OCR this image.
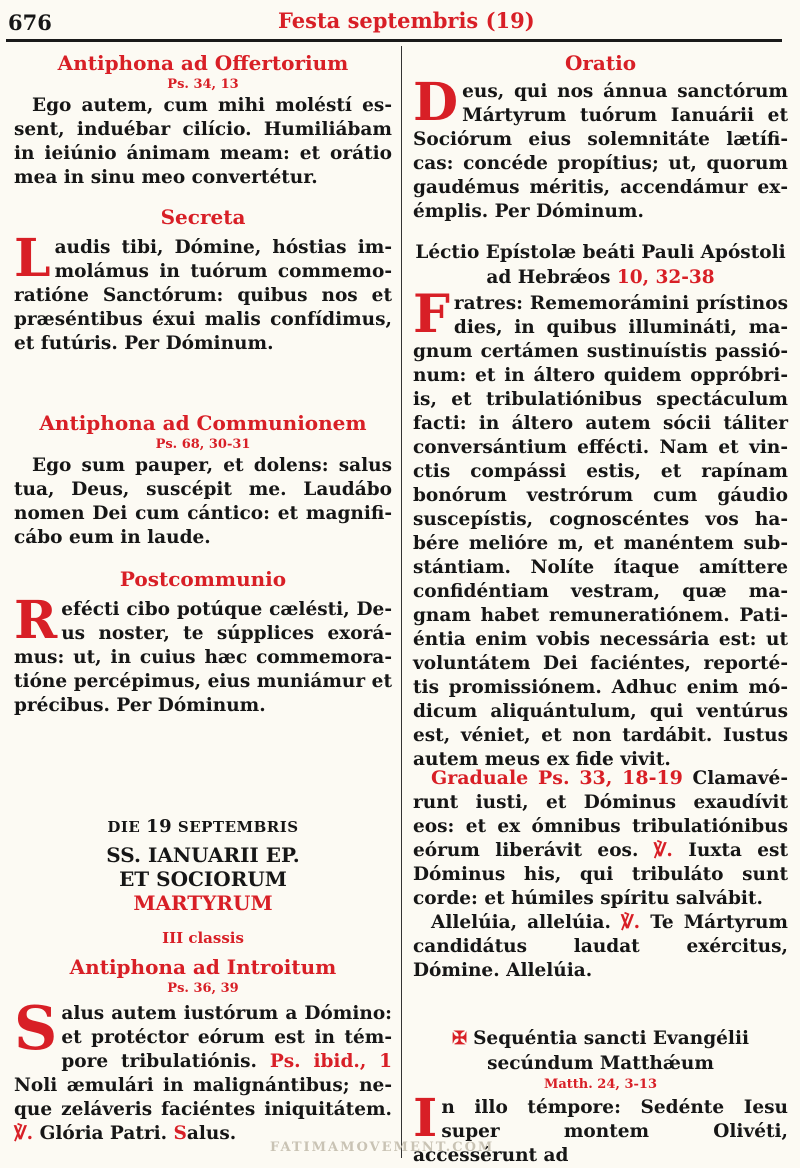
676	Festa septembris (19)
Antiphona ad Offertorium
Ps. 34, 13
Ego autem, cum mihi moléstí essent, induébar cilício. Humiliábam in ieiúnio ánimam meam: et orátio mea in sinu meo convertétur.
Secreta
Laudis tibi, Dómine, hóstias immolámus in tuórum commemoratióne Sanctórum: quibus nos et præséntibus éxui malis confídimus, et futúris. Per Dóminum.
Antiphona ad Communionem
Ps. 68, 30-31
Ego sum pauper, et dolens: salus tua, Deus, suscépit me. Laudábo nomen Dei cum cántico: et magnificábo eum in laude.
Postcommunio
Refécti cibo potúque cælésti, Deus noster, te súpplices exorámus: ut, in cuius hæc commemoratióne percépimus, eius muniámur et précibus. Per Dóminum.
DIE 19 SEPTEMBRIS
SS. IANUARII EP.
ET SOCIORUM
MARTYRUM
III classis
Antiphona ad Introitum
Ps. 36, 39
Salus autem iustórum a Dómino: et protéctor eórum est in témpore tribulatiónis. Ps. ibid., 1 Noli æmulári in malignántibus; neque zeláveris faciéntes iniquitátem. ℣. Glória Patri. Salus.
Oratio
Deus, qui nos ánnua sanctórum Mártyrum tuórum Ianuárii et Sociórum eius solemnitáte lætíficas: concéde propítius; ut, quorum gaudémus méritis, accendámur exémplis. Per Dóminum.
Léctio Epístolæ beáti Pauli Apóstoli ad Hebrǽos 10, 32-38
Fratres: Rememorámini prístinos dies, in quibus illumináti, magnum certámen sustinuístis passiónum: et in áltero quidem oppróbriis, et tribulatiónibus spectáculum facti: in áltero autem sócii táliter conversántium effécti. Nam et vinctis compássi estis, et rapínam bonórum vestrórum cum gáudio suscepístis, cognoscéntes vos habére melióre m, et manéntem substántiam. Nolíte ítaque amíttere confidéntiam vestram, quæ magnam habet remuneratiónem. Patiéntia enim vobis necessária est: ut voluntátem Dei faciéntes, reportétis promissiónem. Adhuc enim módicum aliquántulum, qui ventúrus est, véniet, et non tardábit. Iustus autem meus ex fide vivit.
Graduale Ps. 33, 18-19 Clamavérunt iusti, et Dóminus exaudívit eos: et ex ómnibus tribulatiónibus eórum liberávit eos. ℣. Iuxta est Dóminus his, qui tribuláto sunt corde: et húmiles spíritu salvábit.
Allelúia, allelúia. ℣. Te Mártyrum candidátus laudat exércitus, Dómine. Allelúia.
✠ Sequéntia sancti Evangélii secúndum Matthǽum
Matth. 24, 3-13
In illo témpore: Sedénte Iesu super montem Olivéti, accessérunt ad
FATIMAMOVEMENT.COM
